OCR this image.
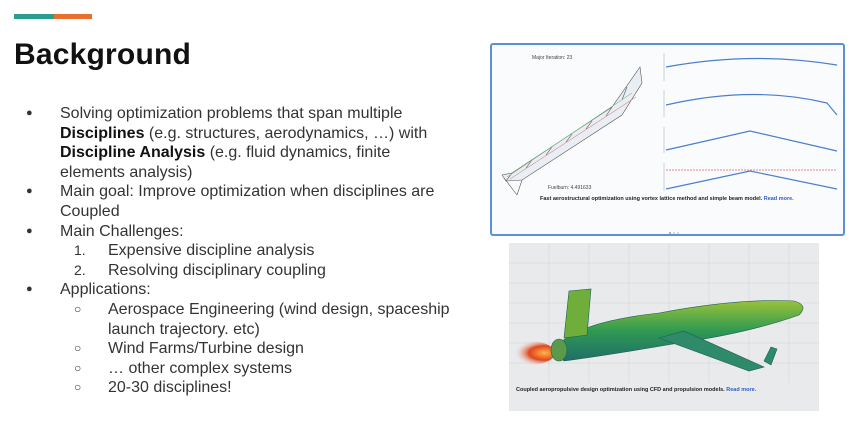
Background
● Solving optimization problems that span multiple
Disciplines (e.g. structures, aerodynamics, …) with
Discipline Analysis (e.g. fluid dynamics, finite
elements analysis)
● Main goal: Improve optimization when disciplines are
Coupled
● Main Challenges:
1. Expensive discipline analysis
2. Resolving disciplinary coupling
● Applications:
○ Aerospace Engineering (wind design, spaceship
launch trajectory. etc)
○ Wind Farms/Turbine design
○ … other complex systems
○ 20-30 disciplines!
Major Iteration: 23
Fuelburn: 4.491633
Fast aerostructural optimization using vortex lattice method and simple beam model. Read more.
Coupled aeropropulsive design optimization using CFD and propulsion models. Read more.
